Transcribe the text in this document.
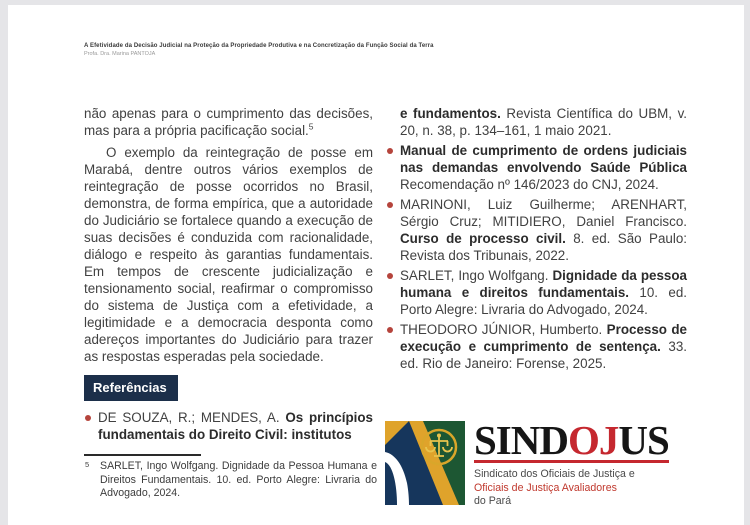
A Efetividade da Decisão Judicial na Proteção da Propriedade Produtiva e na Concretização da Função Social da Terra
Profa. Dra. Marina PANTOJA
não apenas para o cumprimento das decisões, mas para a própria pacificação social.$^5$
O exemplo da reintegração de posse em Marabá, dentre outros vários exemplos de reintegração de posse ocorridos no Brasil, demonstra, de forma empírica, que a autoridade do Judiciário se fortalece quando a execução de suas decisões é conduzida com racionalidade, diálogo e respeito às garantias fundamentais. Em tempos de crescente judicialização e tensionamento social, reafirmar o compromisso do sistema de Justiça com a efetividade, a legitimidade e a democracia desponta como adereços importantes do Judiciário para trazer as respostas esperadas pela sociedade.
Referências
DE SOUZA, R.; MENDES, A. Os princípios fundamentais do Direito Civil: institutos
e fundamentos. Revista Científica do UBM, v. 20, n. 38, p. 134–161, 1 maio 2021.
Manual de cumprimento de ordens judiciais nas demandas envolvendo Saúde Pública Recomendação nº 146/2023 do CNJ, 2024.
MARINONI, Luiz Guilherme; ARENHART, Sérgio Cruz; MITIDIERO, Daniel Francisco. Curso de processo civil. 8. ed. São Paulo: Revista dos Tribunais, 2022.
SARLET, Ingo Wolfgang. Dignidade da pessoa humana e direitos fundamentais. 10. ed. Porto Alegre: Livraria do Advogado, 2024.
THEODORO JÚNIOR, Humberto. Processo de execução e cumprimento de sentença. 33. ed. Rio de Janeiro: Forense, 2025.
5 SARLET, Ingo Wolfgang. Dignidade da Pessoa Humana e Direitos Fundamentais. 10. ed. Porto Alegre: Livraria do Advogado, 2024.
SINDOJUS
Sindicato dos Oficiais de Justiça e
Oficiais de Justiça Avaliadores
do Pará
